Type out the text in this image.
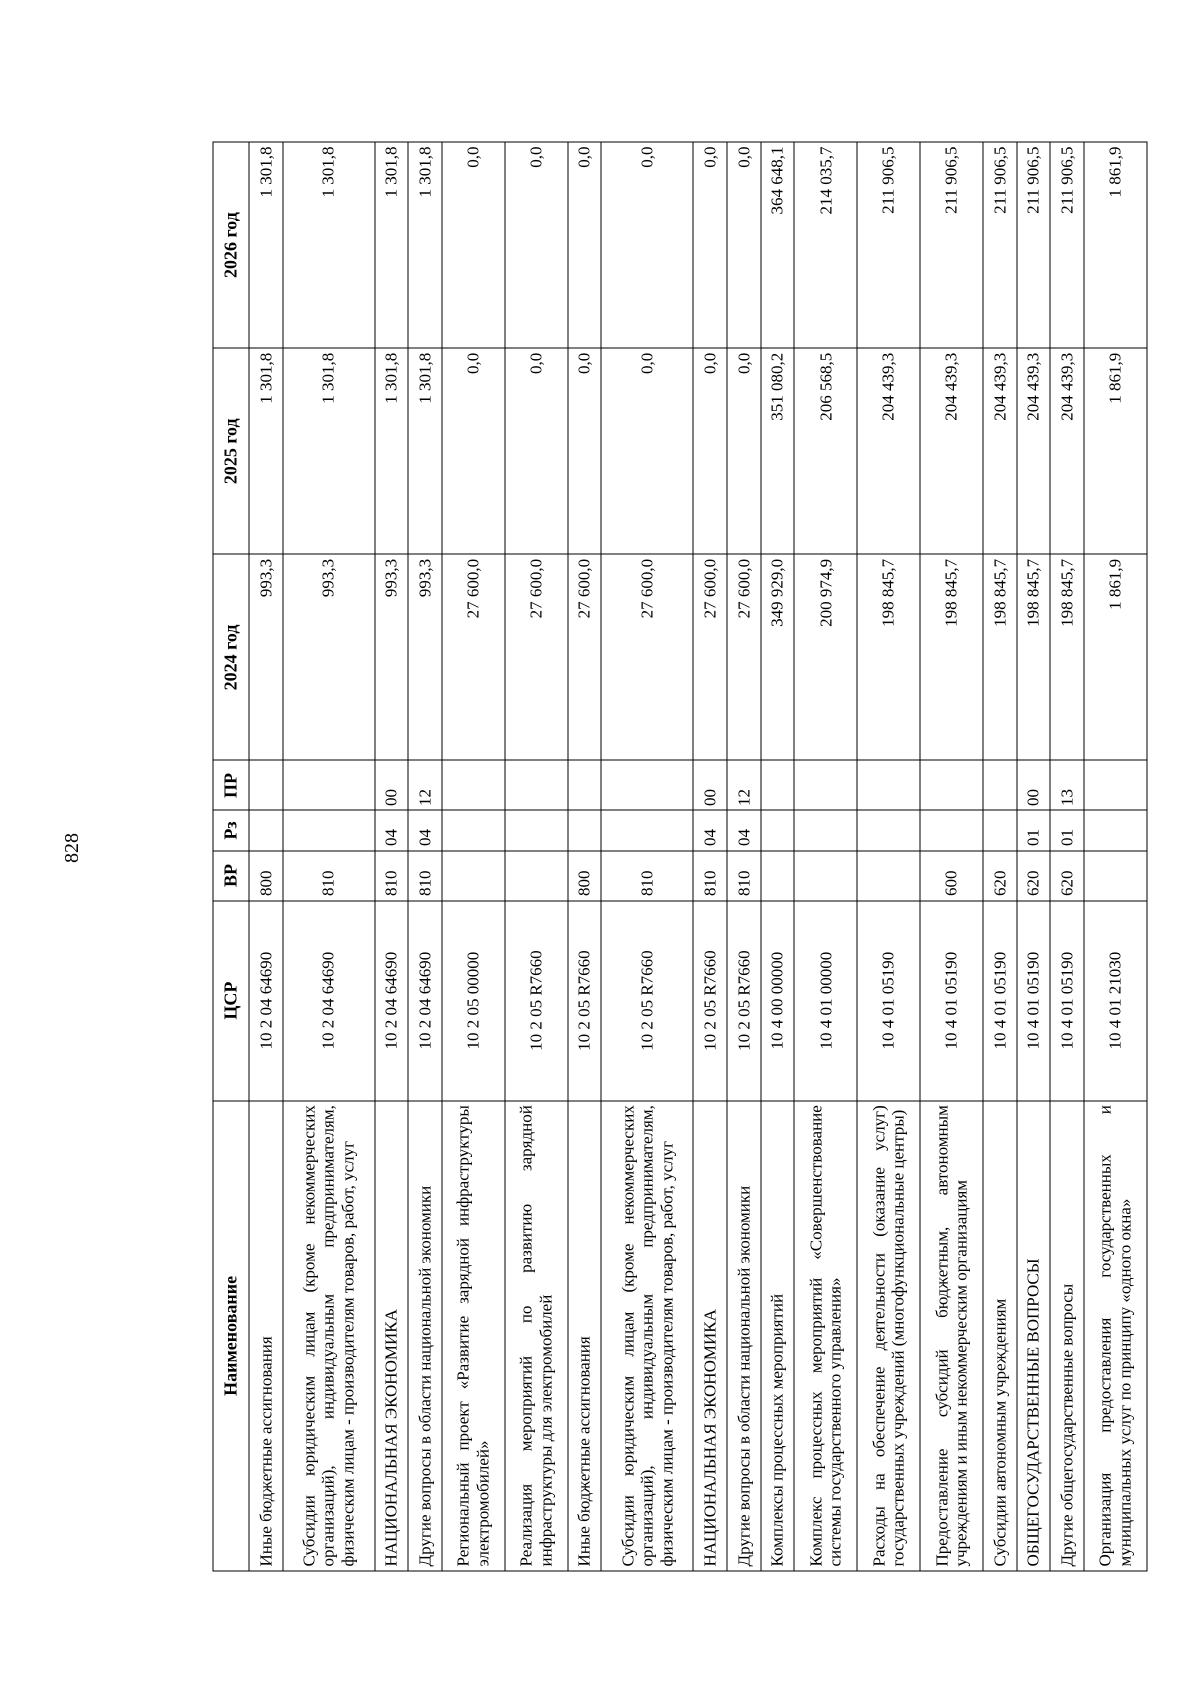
828
Наименование	ЦСР	ВР	Рз	ПР	2024 год	2025 год	2026 год
Иные бюджетные ассигнования	10 2 04 64690	800			993,3	1 301,8	1 301,8
Субсидии юридическим лицам (кроме некоммерческих организаций), индивидуальным предпринимателям, физическим лицам - производителям товаров, работ, услуг	10 2 04 64690	810			993,3	1 301,8	1 301,8
НАЦИОНАЛЬНАЯ ЭКОНОМИКА	10 2 04 64690	810	04	00	993,3	1 301,8	1 301,8
Другие вопросы в области национальной экономики	10 2 04 64690	810	04	12	993,3	1 301,8	1 301,8
Региональный проект «Развитие зарядной инфраструктуры электромобилей»	10 2 05 00000				27 600,0	0,0	0,0
Реализация мероприятий по развитию зарядной инфраструктуры для электромобилей	10 2 05 R7660				27 600,0	0,0	0,0
Иные бюджетные ассигнования	10 2 05 R7660	800			27 600,0	0,0	0,0
Субсидии юридическим лицам (кроме некоммерческих организаций), индивидуальным предпринимателям, физическим лицам - производителям товаров, работ, услуг	10 2 05 R7660	810			27 600,0	0,0	0,0
НАЦИОНАЛЬНАЯ ЭКОНОМИКА	10 2 05 R7660	810	04	00	27 600,0	0,0	0,0
Другие вопросы в области национальной экономики	10 2 05 R7660	810	04	12	27 600,0	0,0	0,0
Комплексы процессных мероприятий	10 4 00 00000				349 929,0	351 080,2	364 648,1
Комплекс процессных мероприятий «Совершенствование системы государственного управления»	10 4 01 00000				200 974,9	206 568,5	214 035,7
Расходы на обеспечение деятельности (оказание услуг) государственных учреждений (многофункциональные центры)	10 4 01 05190				198 845,7	204 439,3	211 906,5
Предоставление субсидий бюджетным, автономным учреждениям и иным некоммерческим организациям	10 4 01 05190	600			198 845,7	204 439,3	211 906,5
Субсидии автономным учреждениям	10 4 01 05190	620			198 845,7	204 439,3	211 906,5
ОБЩЕГОСУДАРСТВЕННЫЕ ВОПРОСЫ	10 4 01 05190	620	01	00	198 845,7	204 439,3	211 906,5
Другие общегосударственные вопросы	10 4 01 05190	620	01	13	198 845,7	204 439,3	211 906,5
Организация предоставления государственных и муниципальных услуг по принципу «одного окна»	10 4 01 21030				1 861,9	1 861,9	1 861,9
